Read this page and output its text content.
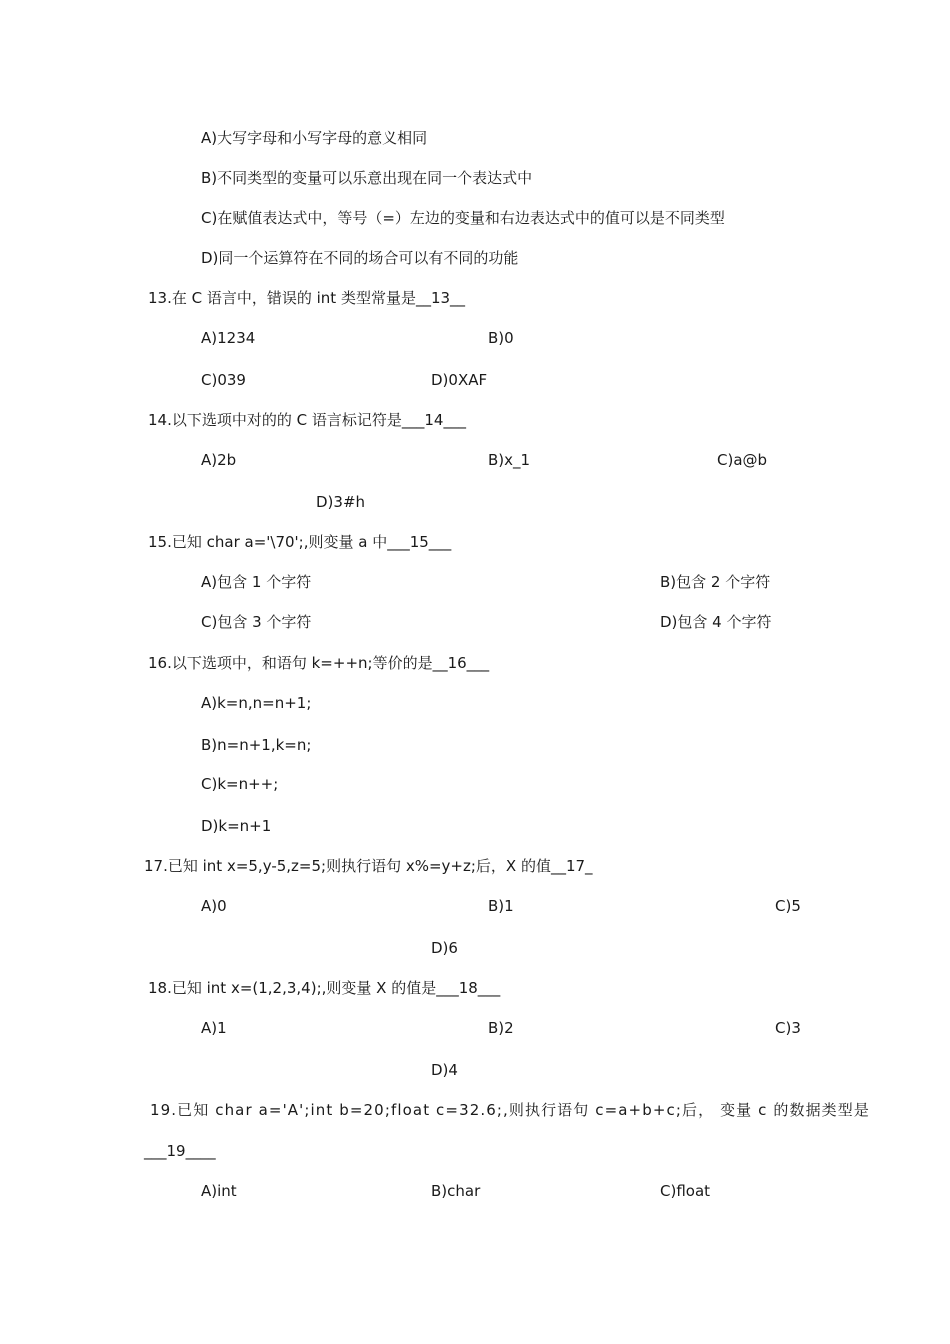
A)大写字母和小写字母的意义相同
B)不同类型的变量可以乐意出现在同一个表达式中
C)在赋值表达式中，等号（=）左边的变量和右边表达式中的值可以是不同类型
D)同一个运算符在不同的场合可以有不同的功能
13.在 C 语言中，错误的 int 类型常量是__13__
A)1234	B)0
C)039	D)0XAF
14.以下选项中对的的 C 语言标记符是___14___
A)2b	B)x_1	C)a@b
D)3#h
15.已知 char a='\70';,则变量 a 中___15___
A)包含 1 个字符	B)包含 2 个字符
C)包含 3 个字符	D)包含 4 个字符
16.以下选项中，和语句 k=++n;等价的是__16___
A)k=n,n=n+1;
B)n=n+1,k=n;
C)k=n++;
D)k=n+1
17.已知 int x=5,y-5,z=5;则执行语句 x%=y+z;后，X 的值__17_
A)0	B)1	C)5
D)6
18.已知 int x=(1,2,3,4);,则变量 X 的值是___18___
A)1	B)2	C)3
D)4
19.已知 char a='A';int b=20;float c=32.6;,则执行语句 c=a+b+c;后， 变量 c 的数据类型是
___19____
A)int	B)char	C)float
